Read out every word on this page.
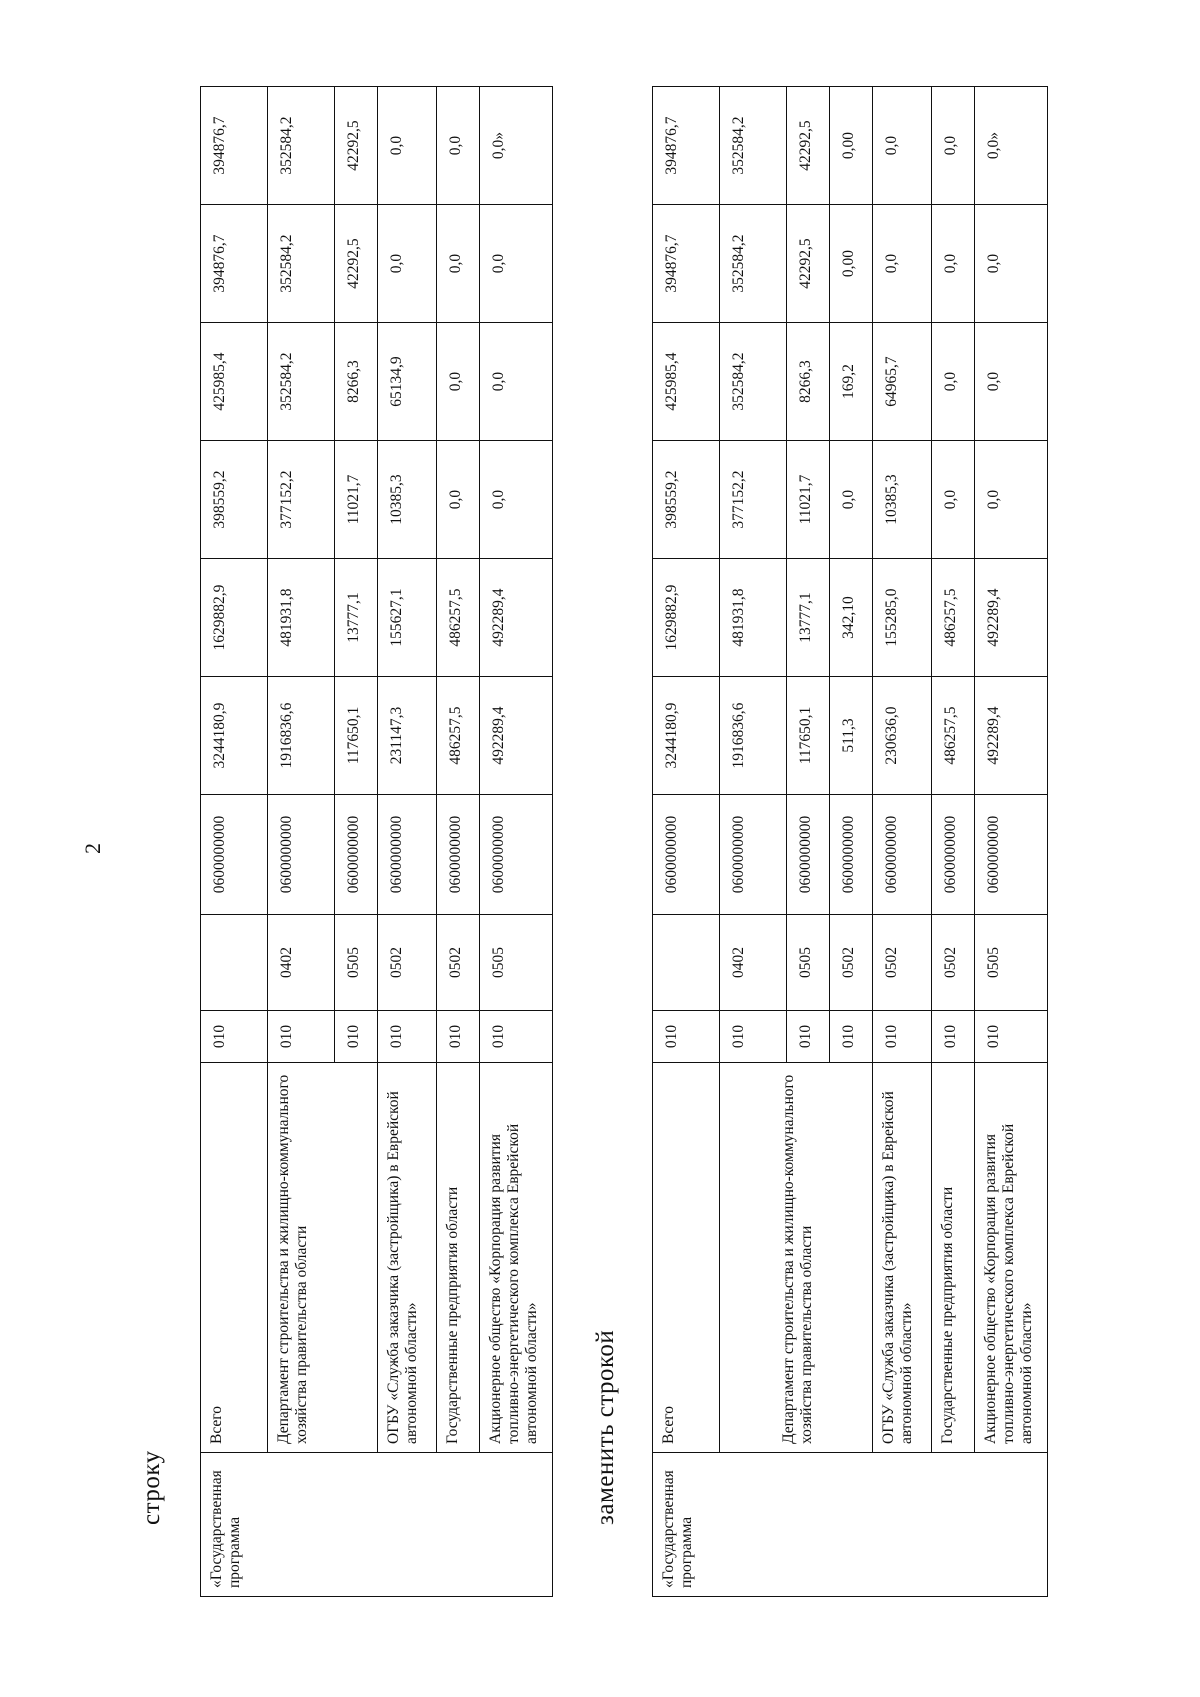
2
строку	«Государственная программа	Всего	010		0600000000	3244180,9	1629882,9	398559,2	425985,4	394876,7	394876,7
	Департамент строительства и жилищно-коммунального хозяйства правительства области	010	0402	0600000000	1916836,6	481931,8	377152,2	352584,2	352584,2	352584,2
		010	0505	0600000000	117650,1	13777,1	11021,7	8266,3	42292,5	42292,5
	ОГБУ «Служба заказчика (застройщика) в Еврейской автономной области»	010	0502	0600000000	231147,3	155627,1	10385,3	65134,9	0,0	0,0
	Государственные предприятия области	010	0502	0600000000	486257,5	486257,5	0,0	0,0	0,0	0,0
	Акционерное общество «Корпорация развития топливно-энергетического комплекса Еврейской автономной области»	010	0505	0600000000	492289,4	492289,4	0,0	0,0	0,0	0,0»
заменить строкой
«Государственная программа	Всего	010		0600000000	3244180,9	1629882,9	398559,2	425985,4	394876,7	394876,7
	Департамент строительства и жилищно-коммунального хозяйства правительства области	010	0402	0600000000	1916836,6	481931,8	377152,2	352584,2	352584,2	352584,2
		010	0505	0600000000	117650,1	13777,1	11021,7	8266,3	42292,5	42292,5
		010	0502	0600000000	511,3	342,10	0,0	169,2	0,00	0,00
	ОГБУ «Служба заказчика (застройщика) в Еврейской автономной области»	010	0502	0600000000	230636,0	155285,0	10385,3	64965,7	0,0	0,0
	Государственные предприятия области	010	0502	0600000000	486257,5	486257,5	0,0	0,0	0,0	0,0
	Акционерное общество «Корпорация развития топливно-энергетического комплекса Еврейской автономной области»	010	0505	0600000000	492289,4	492289,4	0,0	0,0	0,0	0,0»
